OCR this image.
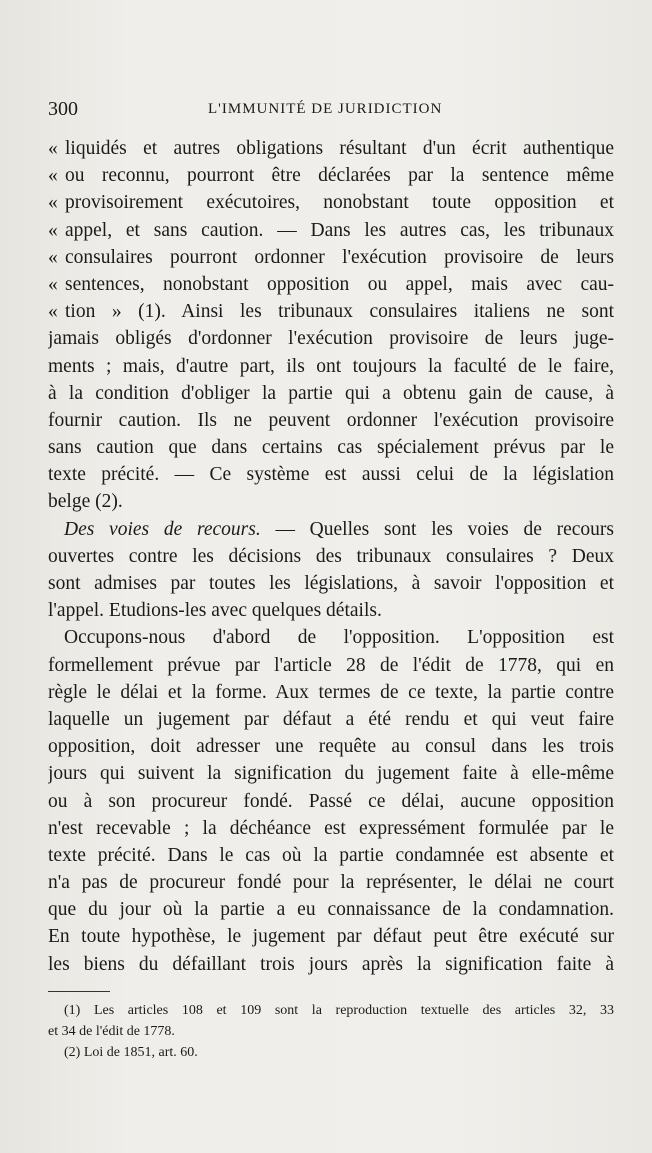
300	L'IMMUNITÉ DE JURIDICTION
« liquidés et autres obligations résultant d'un écrit authentique
« ou reconnu, pourront être déclarées par la sentence même
« provisoirement exécutoires, nonobstant toute opposition et
« appel, et sans caution. — Dans les autres cas, les tribunaux
« consulaires pourront ordonner l'exécution provisoire de leurs
« sentences, nonobstant opposition ou appel, mais avec cau-
« tion » (1). Ainsi les tribunaux consulaires italiens ne sont
jamais obligés d'ordonner l'exécution provisoire de leurs juge-
ments ; mais, d'autre part, ils ont toujours la faculté de le faire,
à la condition d'obliger la partie qui a obtenu gain de cause, à
fournir caution. Ils ne peuvent ordonner l'exécution provisoire
sans caution que dans certains cas spécialement prévus par le
texte précité. — Ce système est aussi celui de la législation
belge (2).
Des voies de recours. — Quelles sont les voies de recours
ouvertes contre les décisions des tribunaux consulaires ? Deux
sont admises par toutes les législations, à savoir l'opposition et
l'appel. Etudions-les avec quelques détails.
Occupons-nous d'abord de l'opposition. L'opposition est
formellement prévue par l'article 28 de l'édit de 1778, qui en
règle le délai et la forme. Aux termes de ce texte, la partie contre
laquelle un jugement par défaut a été rendu et qui veut faire
opposition, doit adresser une requête au consul dans les trois
jours qui suivent la signification du jugement faite à elle-même
ou à son procureur fondé. Passé ce délai, aucune opposition
n'est recevable ; la déchéance est expressément formulée par le
texte précité. Dans le cas où la partie condamnée est absente et
n'a pas de procureur fondé pour la représenter, le délai ne court
que du jour où la partie a eu connaissance de la condamnation.
En toute hypothèse, le jugement par défaut peut être exécuté sur
les biens du défaillant trois jours après la signification faite à
(1) Les articles 108 et 109 sont la reproduction textuelle des articles 32, 33
et 34 de l'édit de 1778.
(2) Loi de 1851, art. 60.
